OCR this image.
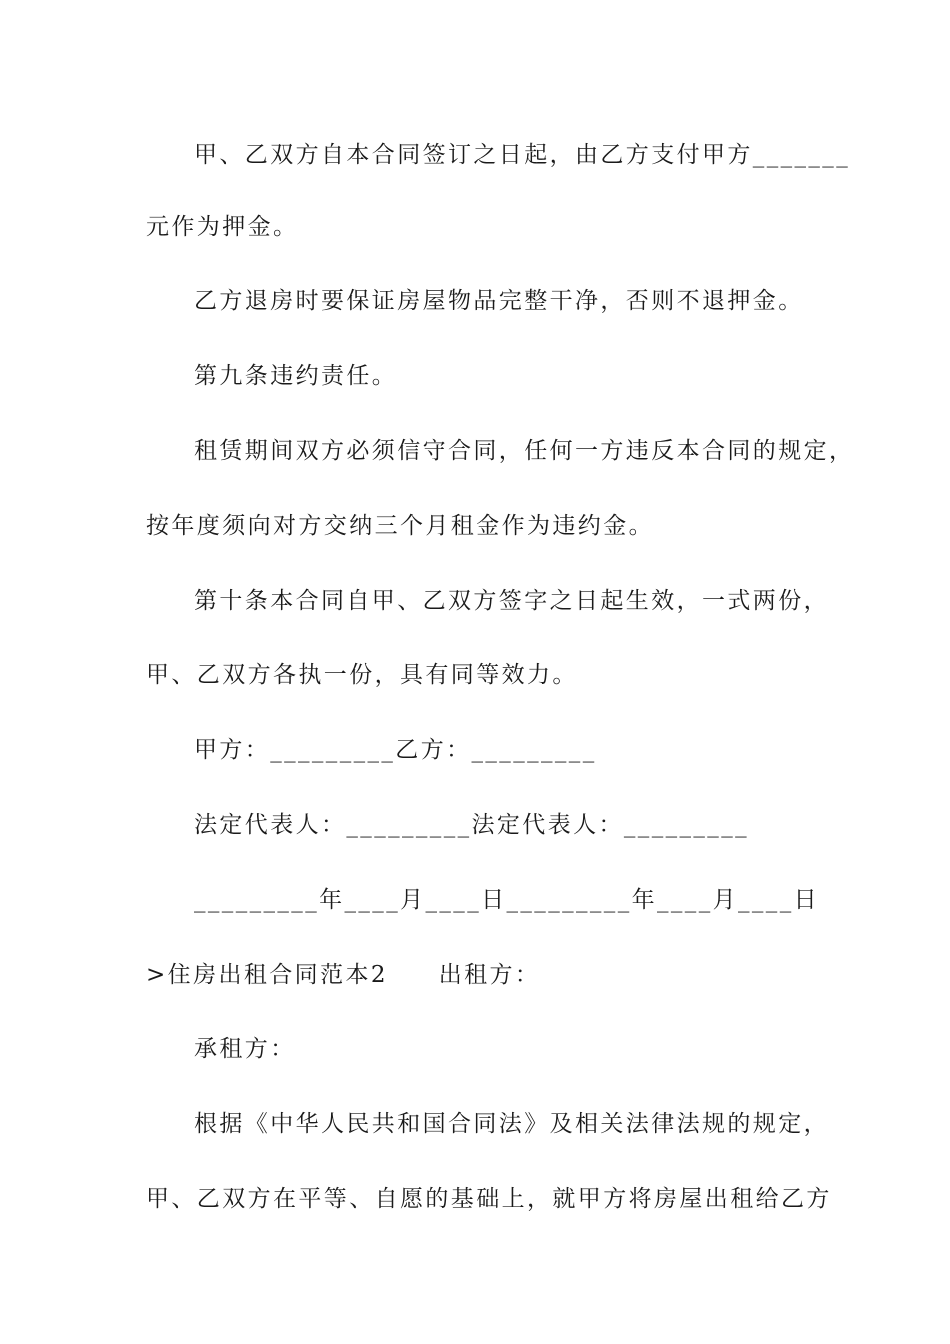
甲、乙双方自本合同签订之日起，由乙方支付甲方_______
元作为押金。
乙方退房时要保证房屋物品完整干净，否则不退押金。
第九条违约责任。
租赁期间双方必须信守合同，任何一方违反本合同的规定，
按年度须向对方交纳三个月租金作为违约金。
第十条本合同自甲、乙双方签字之日起生效，一式两份，
甲、乙双方各执一份，具有同等效力。
甲方：_________乙方：_________
法定代表人：_________法定代表人：_________
_________年____月____日_________年____月____日
>住房出租合同范本2　　出租方：
承租方：
根据《中华人民共和国合同法》及相关法律法规的规定，
甲、乙双方在平等、自愿的基础上，就甲方将房屋出租给乙方
